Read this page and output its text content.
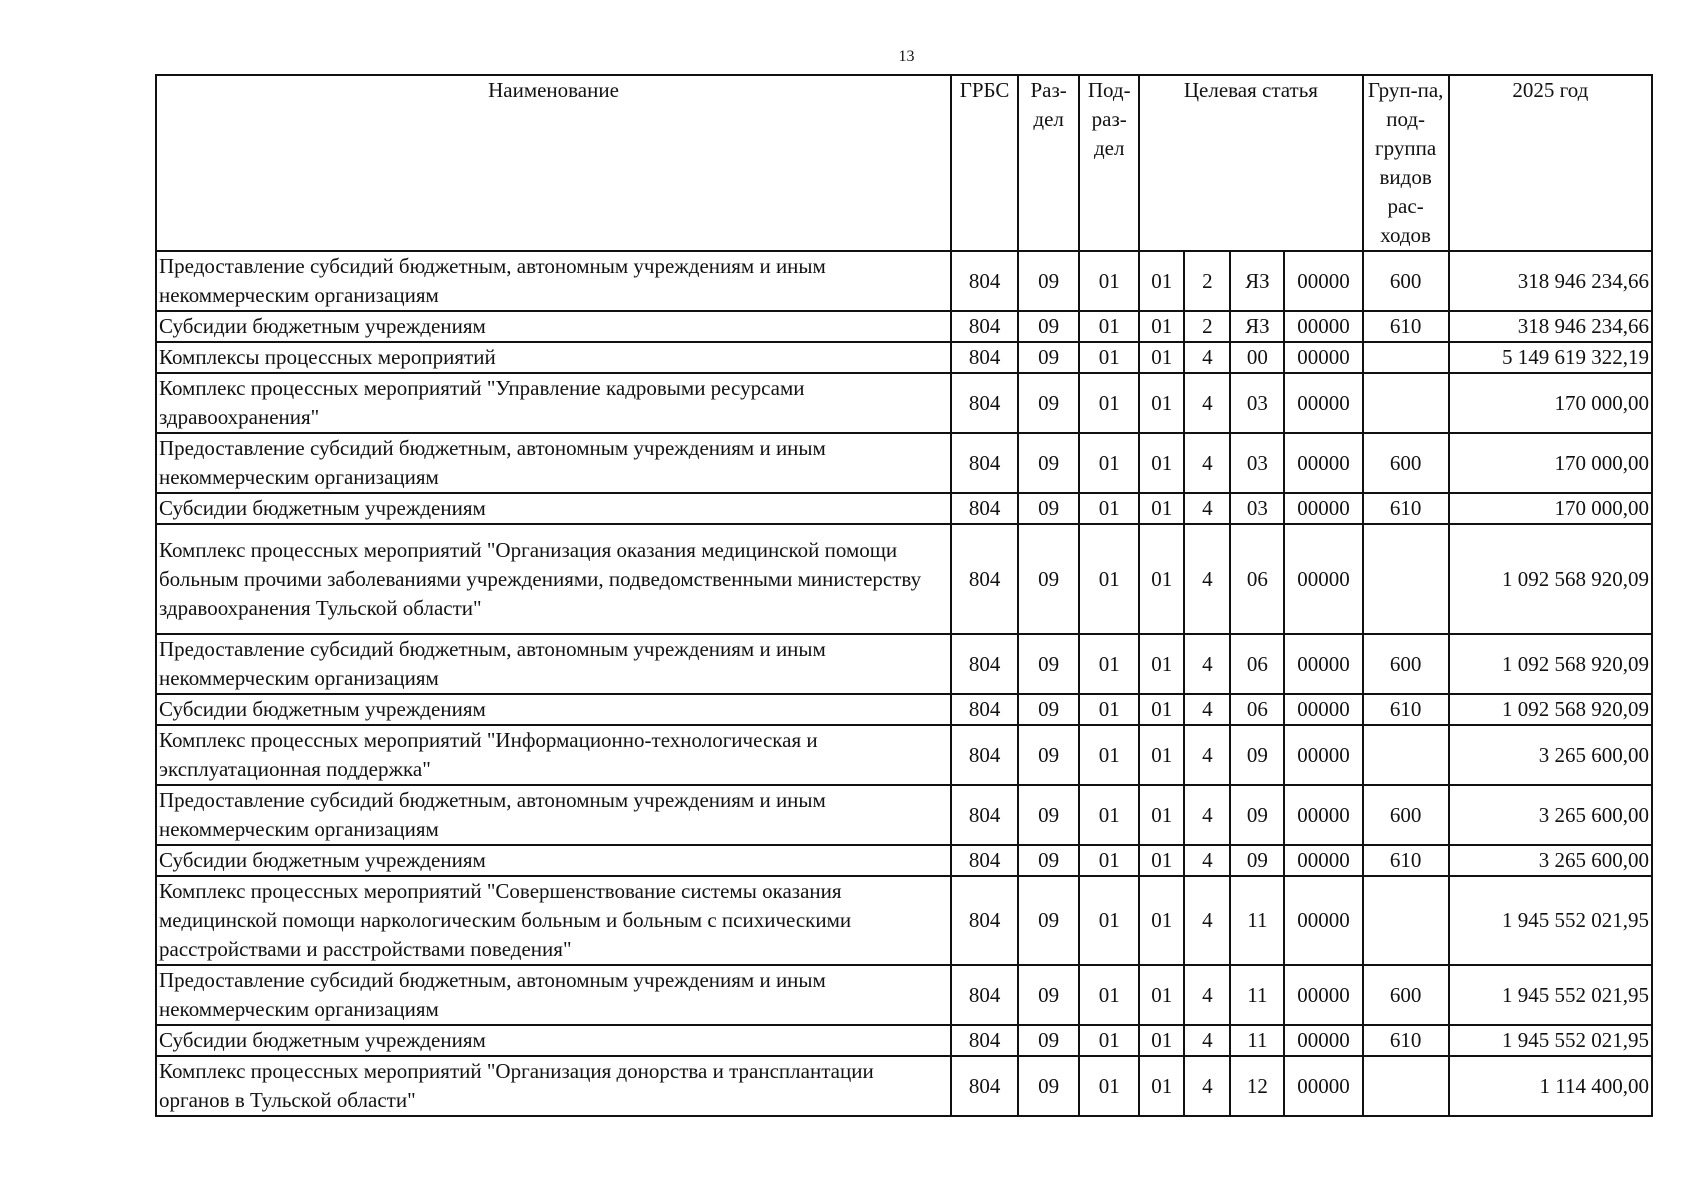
13
Наименование	ГРБС	Раз-дел	Под-раз-дел	Целевая статья				Груп-па, под-группа видов рас-ходов	2025 год
Предоставление субсидий бюджетным, автономным учреждениям и иным некоммерческим организациям	804	09	01	01	2	ЯЗ	00000	600	318 946 234,66
Субсидии бюджетным учреждениям	804	09	01	01	2	ЯЗ	00000	610	318 946 234,66
Комплексы процессных мероприятий	804	09	01	01	4	00	00000		5 149 619 322,19
Комплекс процессных мероприятий "Управление кадровыми ресурсами здравоохранения"	804	09	01	01	4	03	00000		170 000,00
Предоставление субсидий бюджетным, автономным учреждениям и иным некоммерческим организациям	804	09	01	01	4	03	00000	600	170 000,00
Субсидии бюджетным учреждениям	804	09	01	01	4	03	00000	610	170 000,00
Комплекс процессных мероприятий "Организация оказания медицинской помощи больным прочими заболеваниями учреждениями, подведомственными министерству здравоохранения Тульской области"	804	09	01	01	4	06	00000		1 092 568 920,09
Предоставление субсидий бюджетным, автономным учреждениям и иным некоммерческим организациям	804	09	01	01	4	06	00000	600	1 092 568 920,09
Субсидии бюджетным учреждениям	804	09	01	01	4	06	00000	610	1 092 568 920,09
Комплекс процессных мероприятий "Информационно-технологическая и эксплуатационная поддержка"	804	09	01	01	4	09	00000		3 265 600,00
Предоставление субсидий бюджетным, автономным учреждениям и иным некоммерческим организациям	804	09	01	01	4	09	00000	600	3 265 600,00
Субсидии бюджетным учреждениям	804	09	01	01	4	09	00000	610	3 265 600,00
Комплекс процессных мероприятий "Совершенствование системы оказания медицинской помощи наркологическим больным и больным с психическими расстройствами и расстройствами поведения"	804	09	01	01	4	11	00000		1 945 552 021,95
Предоставление субсидий бюджетным, автономным учреждениям и иным некоммерческим организациям	804	09	01	01	4	11	00000	600	1 945 552 021,95
Субсидии бюджетным учреждениям	804	09	01	01	4	11	00000	610	1 945 552 021,95
Комплекс процессных мероприятий "Организация донорства и трансплантации органов в Тульской области"	804	09	01	01	4	12	00000		1 114 400,00
